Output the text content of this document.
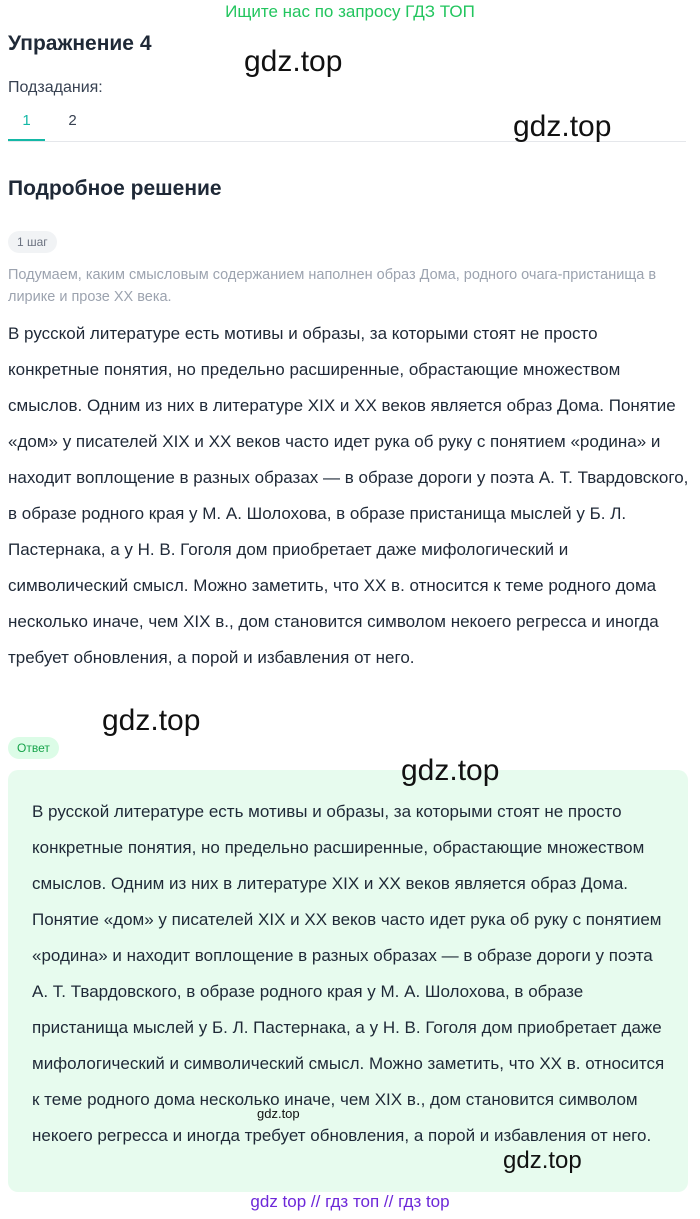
Ищите нас по запросу ГДЗ ТОП
Упражнение 4
Подзадания:
1	2
Подробное решение
1 шаг
Подумаем, каким смысловым содержанием наполнен образ Дома, родного очага-пристанища в лирике и прозе XX века.
В русской литературе есть мотивы и образы, за которыми стоят не просто конкретные понятия, но предельно расширенные, обрастающие множеством смыслов. Одним из них в литературе XIX и XX веков является образ Дома. Понятие «дом» у писателей XIX и XX веков часто идет рука об руку с понятием «родина» и находит воплощение в разных образах — в образе дороги у поэта А. Т. Твардовского, в образе родного края у М. А. Шолохова, в образе пристанища мыслей у Б. Л. Пастернака, а у Н. В. Гоголя дом приобретает даже мифологический и символический смысл. Можно заметить, что XX в. относится к теме родного дома несколько иначе, чем XIX в., дом становится символом некоего регресса и иногда требует обновления, а порой и избавления от него.
Ответ
В русской литературе есть мотивы и образы, за которыми стоят не просто конкретные понятия, но предельно расширенные, обрастающие множеством смыслов. Одним из них в литературе XIX и XX веков является образ Дома. Понятие «дом» у писателей XIX и XX веков часто идет рука об руку с понятием «родина» и находит воплощение в разных образах — в образе дороги у поэта А. Т. Твардовского, в образе родного края у М. А. Шолохова, в образе пристанища мыслей у Б. Л. Пастернака, а у Н. В. Гоголя дом приобретает даже мифологический и символический смысл. Можно заметить, что XX в. относится к теме родного дома несколько иначе, чем XIX в., дом становится символом некоего регресса и иногда требует обновления, а порой и избавления от него.
gdz.top
gdz.top
gdz.top
gdz.top
gdz.top
gdz.top
gdz top // гдз топ // гдз top
